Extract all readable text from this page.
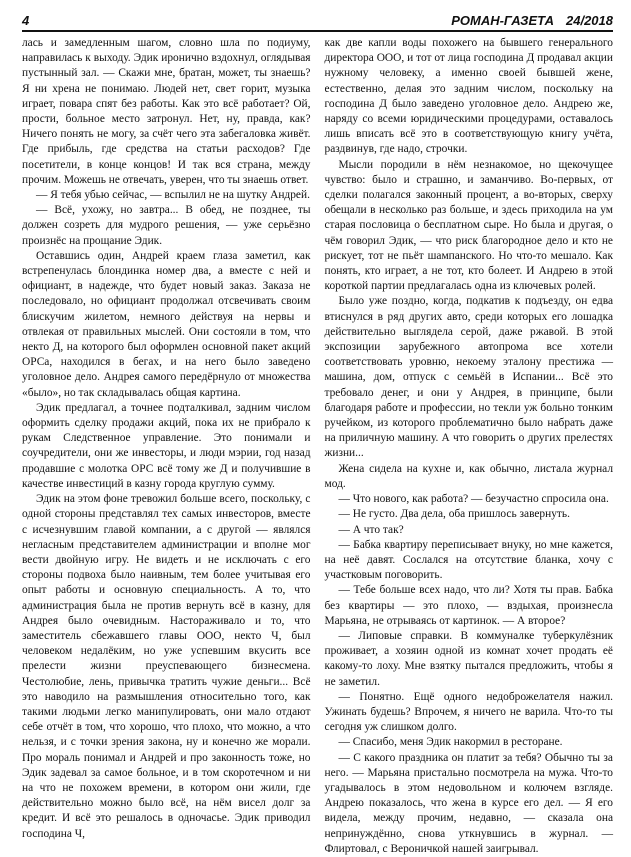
4	РОМАН-ГАЗЕТА 24/2018

лась и замедленным шагом, словно шла по подиуму, направилась к выходу. Эдик иронично вздохнул, оглядывая пустынный зал. — Скажи мне, братан, может, ты знаешь? Я ни хрена не понимаю. Людей нет, свет горит, музыка играет, повара спят без работы. Как это всё работает? Ой, прости, больное место затронул. Нет, ну, правда, как? Ничего понять не могу, за счёт чего эта забегаловка живёт. Где прибыль, где средства на статьи расходов? Где посетители, в конце концов! И так вся страна, между прочим. Можешь не отвечать, уверен, что ты знаешь ответ.

— Я тебя убью сейчас, — вспылил не на шутку Андрей.

— Всё, ухожу, но завтра... В обед, не позднее, ты должен созреть для мудрого решения, — уже серьёзно произнёс на прощание Эдик.

Оставшись один, Андрей краем глаза заметил, как встрепенулась блондинка номер два, а вместе с ней и официант, в надежде, что будет новый заказ. Заказа не последовало, но официант продолжал отсвечивать своим блискучим жилетом, немного действуя на нервы и отвлекая от правильных мыслей. Они состояли в том, что некто Д, на которого был оформлен основной пакет акций ОРСа, находился в бегах, и на него было заведено уголовное дело. Андрея самого передёрнуло от множества «было», но так складывалась общая картина.

Эдик предлагал, а точнее подталкивал, задним числом оформить сделку продажи акций, пока их не прибрало к рукам Следственное управление. Это понимали и соучредители, они же инвесторы, и люди мэрии, год назад продавшие с молотка ОРС всё тому же Д и получившие в качестве инвестиций в казну города круглую сумму.

Эдик на этом фоне тревожил больше всего, поскольку, с одной стороны представлял тех самых инвесторов, вместе с исчезнувшим главой компании, а с другой — являлся негласным представителем администрации и вполне мог вести двойную игру. Не видеть и не исключать с его стороны подвоха было наивным, тем более учитывая его опыт работы и основную специальность. А то, что администрация была не против вернуть всё в казну, для Андрея было очевидным. Настораживало и то, что заместитель сбежавшего главы ООО, некто Ч, был человеком недалёким, но уже успевшим вкусить все прелести жизни преуспевающего бизнесмена. Честолюбие, лень, привычка тратить чужие деньги... Всё это наводило на размышления относительно того, как такими людьми легко манипулировать, они мало отдают себе отчёт в том, что хорошо, что плохо, что можно, а что нельзя, и с точки зрения закона, ну и конечно же морали. Про мораль понимал и Андрей и про законность тоже, но Эдик задевал за самое больное, и в том скоротечном и ни на что не похожем времени, в котором они жили, где действительно можно было всё, на нём висел долг за кредит. И всё это решалось в одночасье. Эдик приводил господина Ч,

как две капли воды похожего на бывшего генерального директора ООО, и тот от лица господина Д продавал акции нужному человеку, а именно своей бывшей жене, естественно, делая это задним числом, поскольку на господина Д было заведено уголовное дело. Андрею же, наряду со всеми юридическими процедурами, оставалось лишь вписать всё это в соответствующую книгу учёта, раздвинув, где надо, строчки.

Мысли породили в нём незнакомое, но щекочущее чувство: было и страшно, и заманчиво. Во-первых, от сделки полагался законный процент, а во-вторых, сверху обещали в несколько раз больше, и здесь приходила на ум старая пословица о бесплатном сыре. Но была и другая, о чём говорил Эдик, — что риск благородное дело и кто не рискует, тот не пьёт шампанского. Но что-то мешало. Как понять, кто играет, а не тот, кто болеет. И Андрею в этой короткой партии предлагалась одна из ключевых ролей.

Было уже поздно, когда, подкатив к подъезду, он едва втиснулся в ряд других авто, среди которых его лошадка действительно выглядела серой, даже ржавой. В этой экспозиции зарубежного автопрома все хотели соответствовать уровню, некоему эталону престижа — машина, дом, отпуск с семьёй в Испании... Всё это требовало денег, и они у Андрея, в принципе, были благодаря работе и профессии, но текли уж больно тонким ручейком, из которого проблематично было набрать даже на приличную машину. А что говорить о других прелестях жизни...

Жена сидела на кухне и, как обычно, листала журнал мод.

— Что нового, как работа? — безучастно спросила она.

— Не густо. Два дела, оба пришлось завернуть.

— А что так?

— Бабка квартиру переписывает внуку, но мне кажется, на неё давят. Сослался на отсутствие бланка, хочу с участковым поговорить.

— Тебе больше всех надо, что ли? Хотя ты прав. Бабка без квартиры — это плохо, — вздыхая, произнесла Марьяна, не отрываясь от картинок. — А второе?

— Липовые справки. В коммуналке туберкулёзник проживает, а хозяин одной из комнат хочет продать её какому-то лоху. Мне взятку пытался предложить, чтобы я не заметил.

— Понятно. Ещё одного недоброжелателя нажил. Ужинать будешь? Впрочем, я ничего не варила. Что-то ты сегодня уж слишком долго.

— Спасибо, меня Эдик накормил в ресторане.

— С какого праздника он платит за тебя? Обычно ты за него. — Марьяна пристально посмотрела на мужа. Что-то угадывалось в этом недовольном и колючем взгляде. Андрею показалось, что жена в курсе его дел. — Я его видела, между прочим, недавно, — сказала она непринуждённо, снова уткнувшись в журнал. — Флиртовал, с Вероничкой нашей заигрывал.
